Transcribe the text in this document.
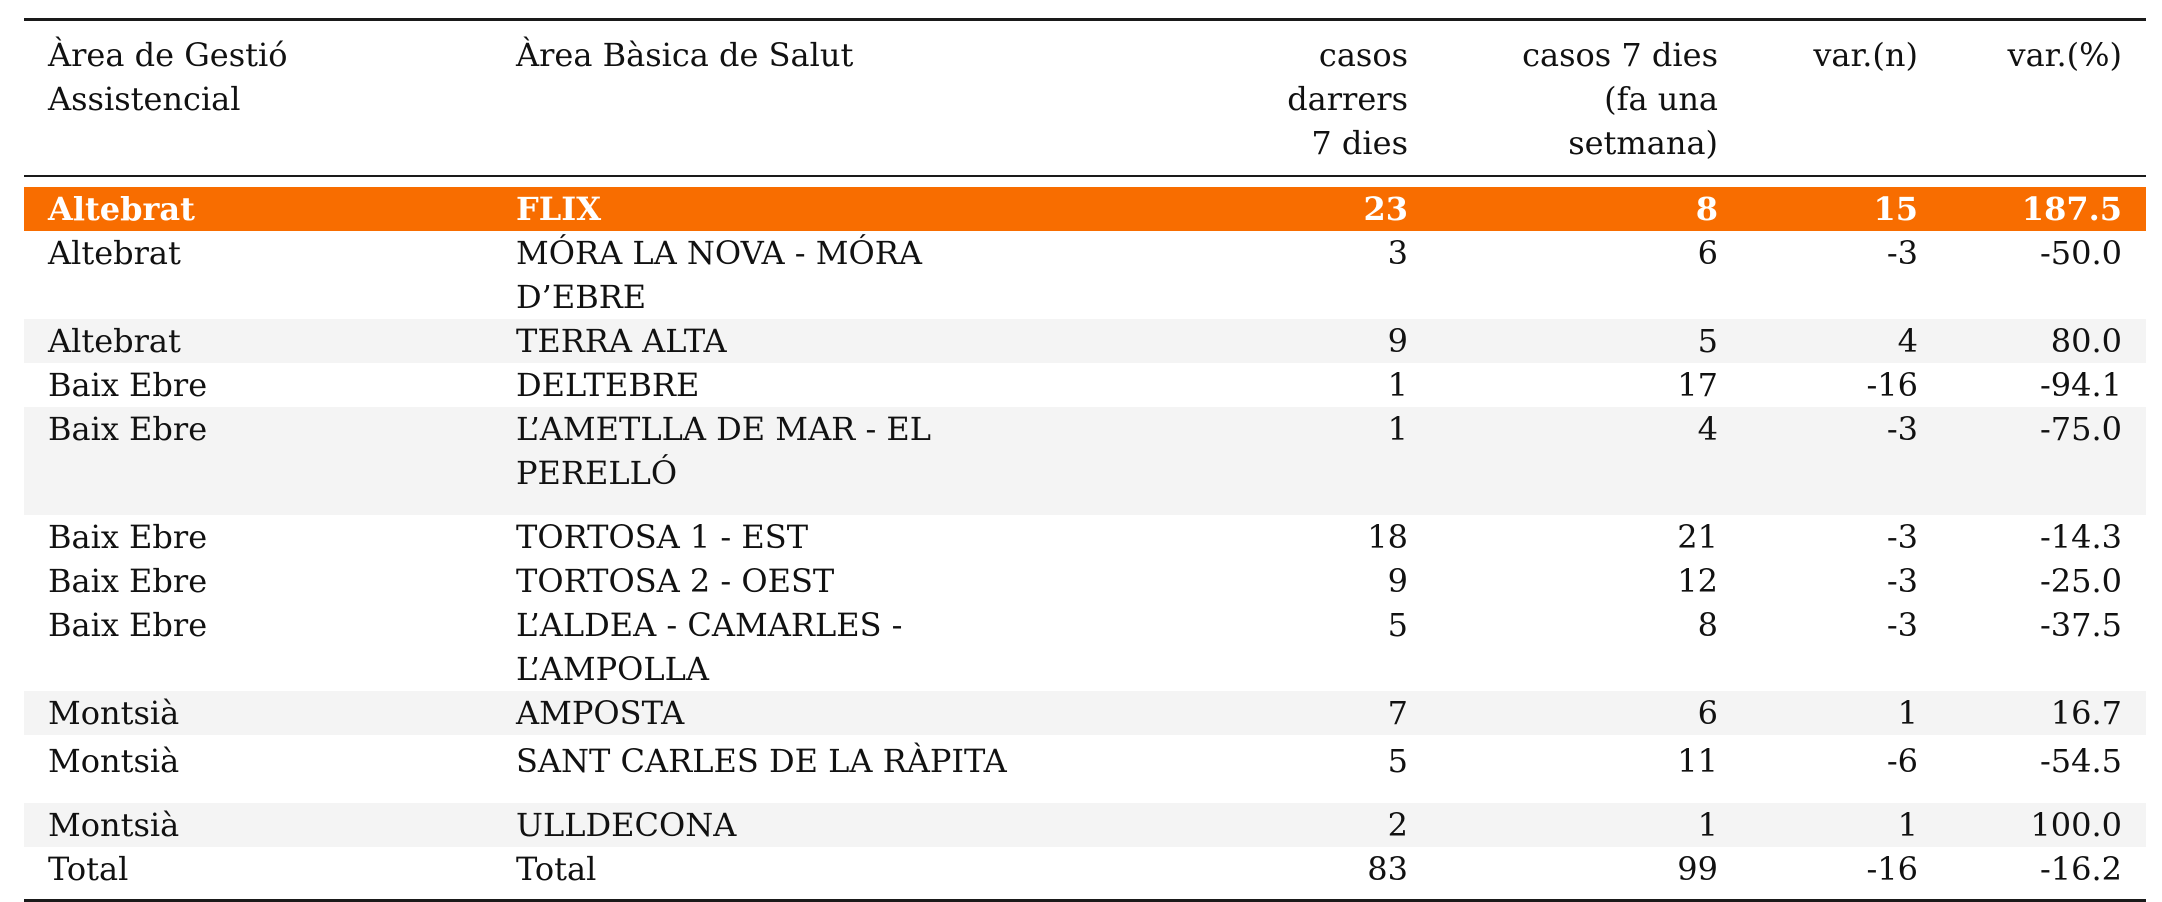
Àrea de Gestió Assistencial	Àrea Bàsica de Salut	casos darrers 7 dies	casos 7 dies (fa una setmana)	var.(n)	var.(%)
Altebrat	FLIX	23	8	15	187.5
Altebrat	MÓRA LA NOVA - MÓRA D’EBRE	3	6	-3	-50.0
Altebrat	TERRA ALTA	9	5	4	80.0
Baix Ebre	DELTEBRE	1	17	-16	-94.1
Baix Ebre	L’AMETLLA DE MAR - EL PERELLÓ	1	4	-3	-75.0
Baix Ebre	TORTOSA 1 - EST	18	21	-3	-14.3
Baix Ebre	TORTOSA 2 - OEST	9	12	-3	-25.0
Baix Ebre	L’ALDEA - CAMARLES - L’AMPOLLA	5	8	-3	-37.5
Montsià	AMPOSTA	7	6	1	16.7
Montsià	SANT CARLES DE LA RÀPITA	5	11	-6	-54.5
Montsià	ULLDECONA	2	1	1	100.0
Total	Total	83	99	-16	-16.2
